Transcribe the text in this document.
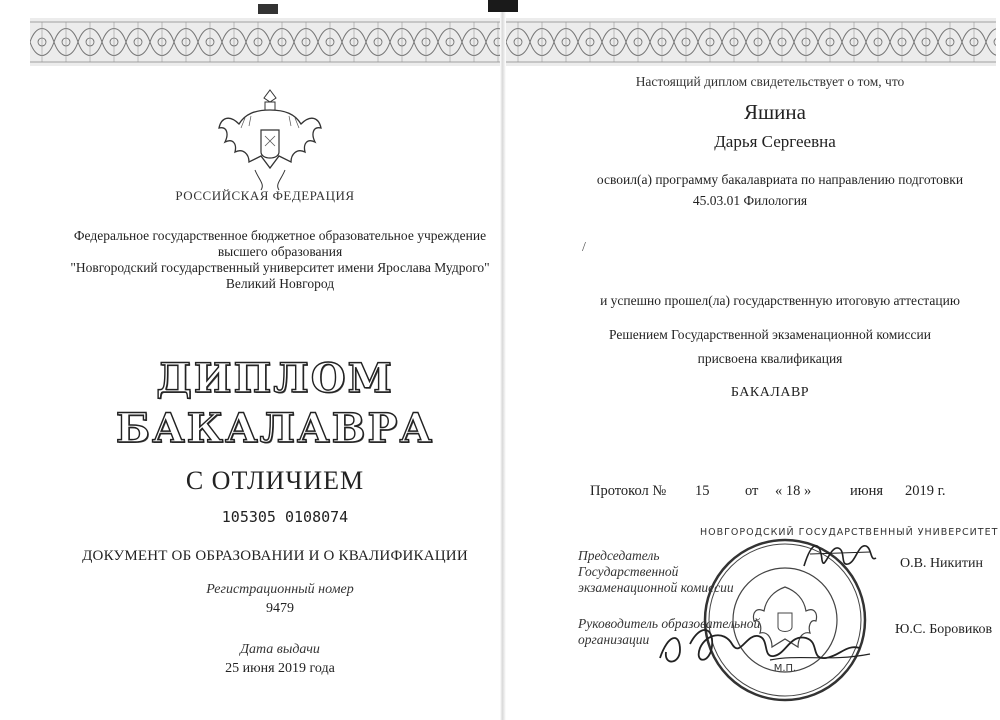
РОССИЙСКАЯ ФЕДЕРАЦИЯ
Федеральное государственное бюджетное образовательное учреждение
высшего образования
"Новгородский государственный университет имени Ярослава Мудрого"
Великий Новгород
ДИПЛОМ
БАКАЛАВРА
С ОТЛИЧИЕМ
105305 0108074
ДОКУМЕНТ ОБ ОБРАЗОВАНИИ И О КВАЛИФИКАЦИИ
Регистрационный номер
9479
Дата выдачи
25 июня 2019 года
Настоящий диплом свидетельствует о том, что
Яшина
Дарья Сергеевна
освоил(а) программу бакалавриата по направлению подготовки
45.03.01 Филология
/
и успешно прошел(ла) государственную итоговую аттестацию
Решением Государственной экзаменационной комиссии
присвоена квалификация
БАКАЛАВР
Протокол № 15 от « 18 »	июня 2019 г.
Председатель
Государственной
экзаменационной комиссии
О.В. Никитин
Руководитель образовательной
организации
Ю.С. Боровиков
НОВГОРОДСКИЙ ГОСУДАРСТВЕННЫЙ УНИВЕРСИТЕТ
М.П.
